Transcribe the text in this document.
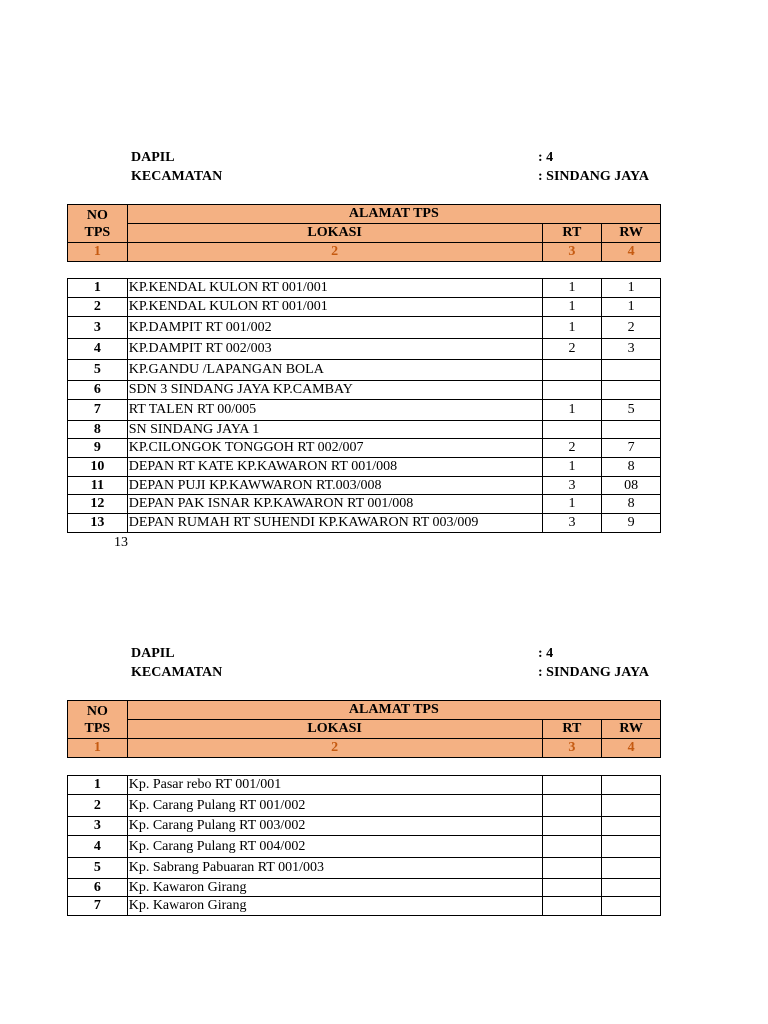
DAPIL	: 4
KECAMATAN	: SINDANG JAYA
NO
TPS	ALAMAT TPS		
	LOKASI	RT	RW
1	2	3	4
1	KP.KENDAL KULON RT 001/001	1	1
2	KP.KENDAL KULON RT 001/001	1	1
3	KP.DAMPIT RT 001/002	1	2
4	KP.DAMPIT RT 002/003	2	3
5	KP.GANDU /LAPANGAN BOLA		
6	SDN 3 SINDANG JAYA KP.CAMBAY		
7	RT TALEN RT 00/005	1	5
8	SN SINDANG JAYA 1		
9	KP.CILONGOK TONGGOH RT 002/007	2	7
10	DEPAN RT KATE KP.KAWARON RT 001/008	1	8
11	DEPAN PUJI KP.KAWWARON RT.003/008	3	08
12	DEPAN PAK ISNAR KP.KAWARON RT 001/008	1	8
13	DEPAN RUMAH RT SUHENDI KP.KAWARON RT 003/009	3	9
13
DAPIL	: 4
KECAMATAN	: SINDANG JAYA
NO
TPS	ALAMAT TPS		
	LOKASI	RT	RW
1	2	3	4
1	Kp. Pasar rebo RT 001/001		
2	Kp. Carang Pulang RT 001/002		
3	Kp. Carang Pulang RT 003/002		
4	Kp. Carang Pulang RT 004/002		
5	Kp. Sabrang Pabuaran RT 001/003		
6	Kp. Kawaron Girang		
7	Kp. Kawaron Girang		
